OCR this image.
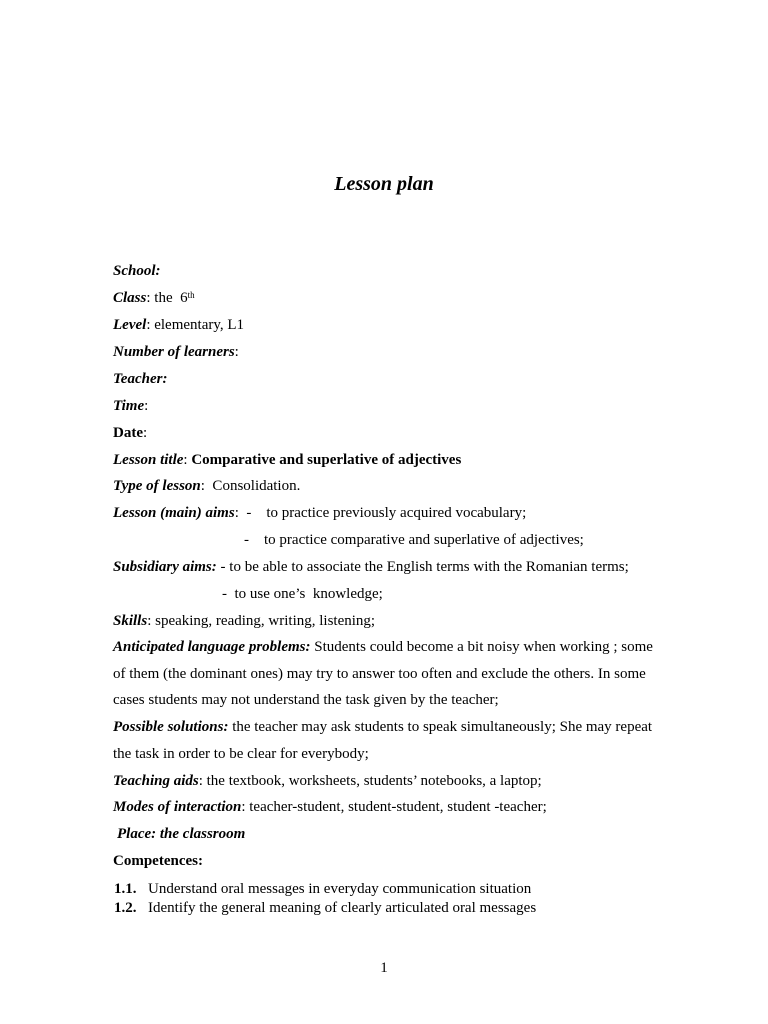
Lesson plan
School:
Class: the  6th
Level: elementary, L1
Number of learners:
Teacher:
Time:
Date:
Lesson title: Comparative and superlative of adjectives
Type of lesson:  Consolidation.
Lesson (main) aims:  -    to practice previously acquired vocabulary;
-    to practice comparative and superlative of adjectives;
Subsidiary aims: - to be able to associate the English terms with the Romanian terms;
-  to use one’s  knowledge;
Skills: speaking, reading, writing, listening;
Anticipated language problems: Students could become a bit noisy when working ; some
of them (the dominant ones) may try to answer too often and exclude the others. In some
cases students may not understand the task given by the teacher;
Possible solutions: the teacher may ask students to speak simultaneously; She may repeat
the task in order to be clear for everybody;
Teaching aids: the textbook, worksheets, students’ notebooks, a laptop;
Modes of interaction: teacher-student, student-student, student -teacher;
Place: the classroom
Competences:
1.1. Understand oral messages in everyday communication situation
1.2. Identify the general meaning of clearly articulated oral messages
1
